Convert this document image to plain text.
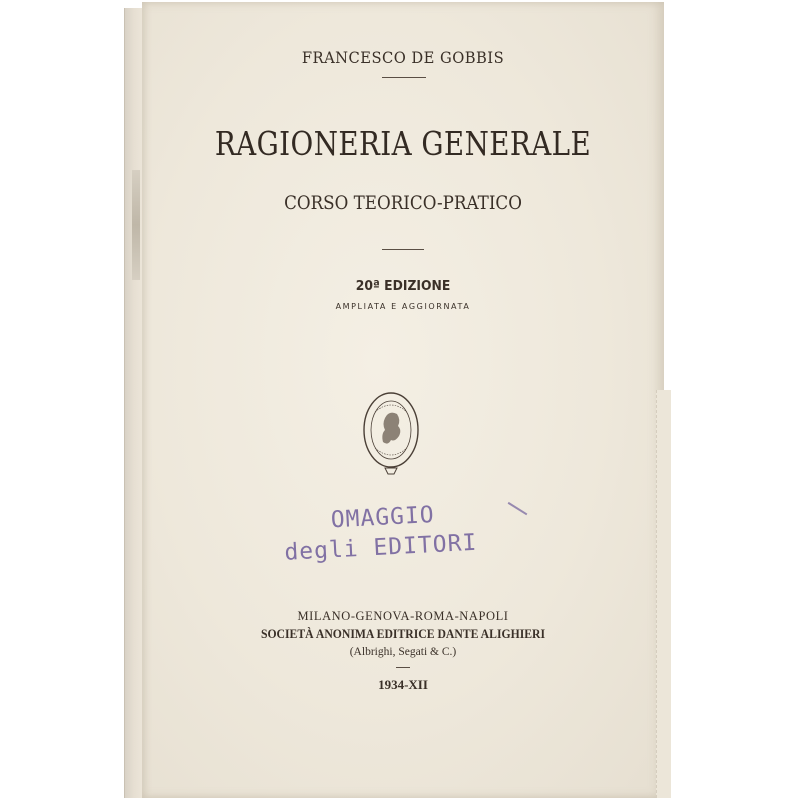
FRANCESCO DE GOBBIS
RAGIONERIA GENERALE
CORSO TEORICO-PRATICO
20ª EDIZIONE
AMPLIATA E AGGIORNATA
OMAGGIO
degli EDITORI
MILANO-GENOVA-ROMA-NAPOLI
SOCIETÀ ANONIMA EDITRICE DANTE ALIGHIERI
(Albrighi, Segati & C.)
1934-XII
